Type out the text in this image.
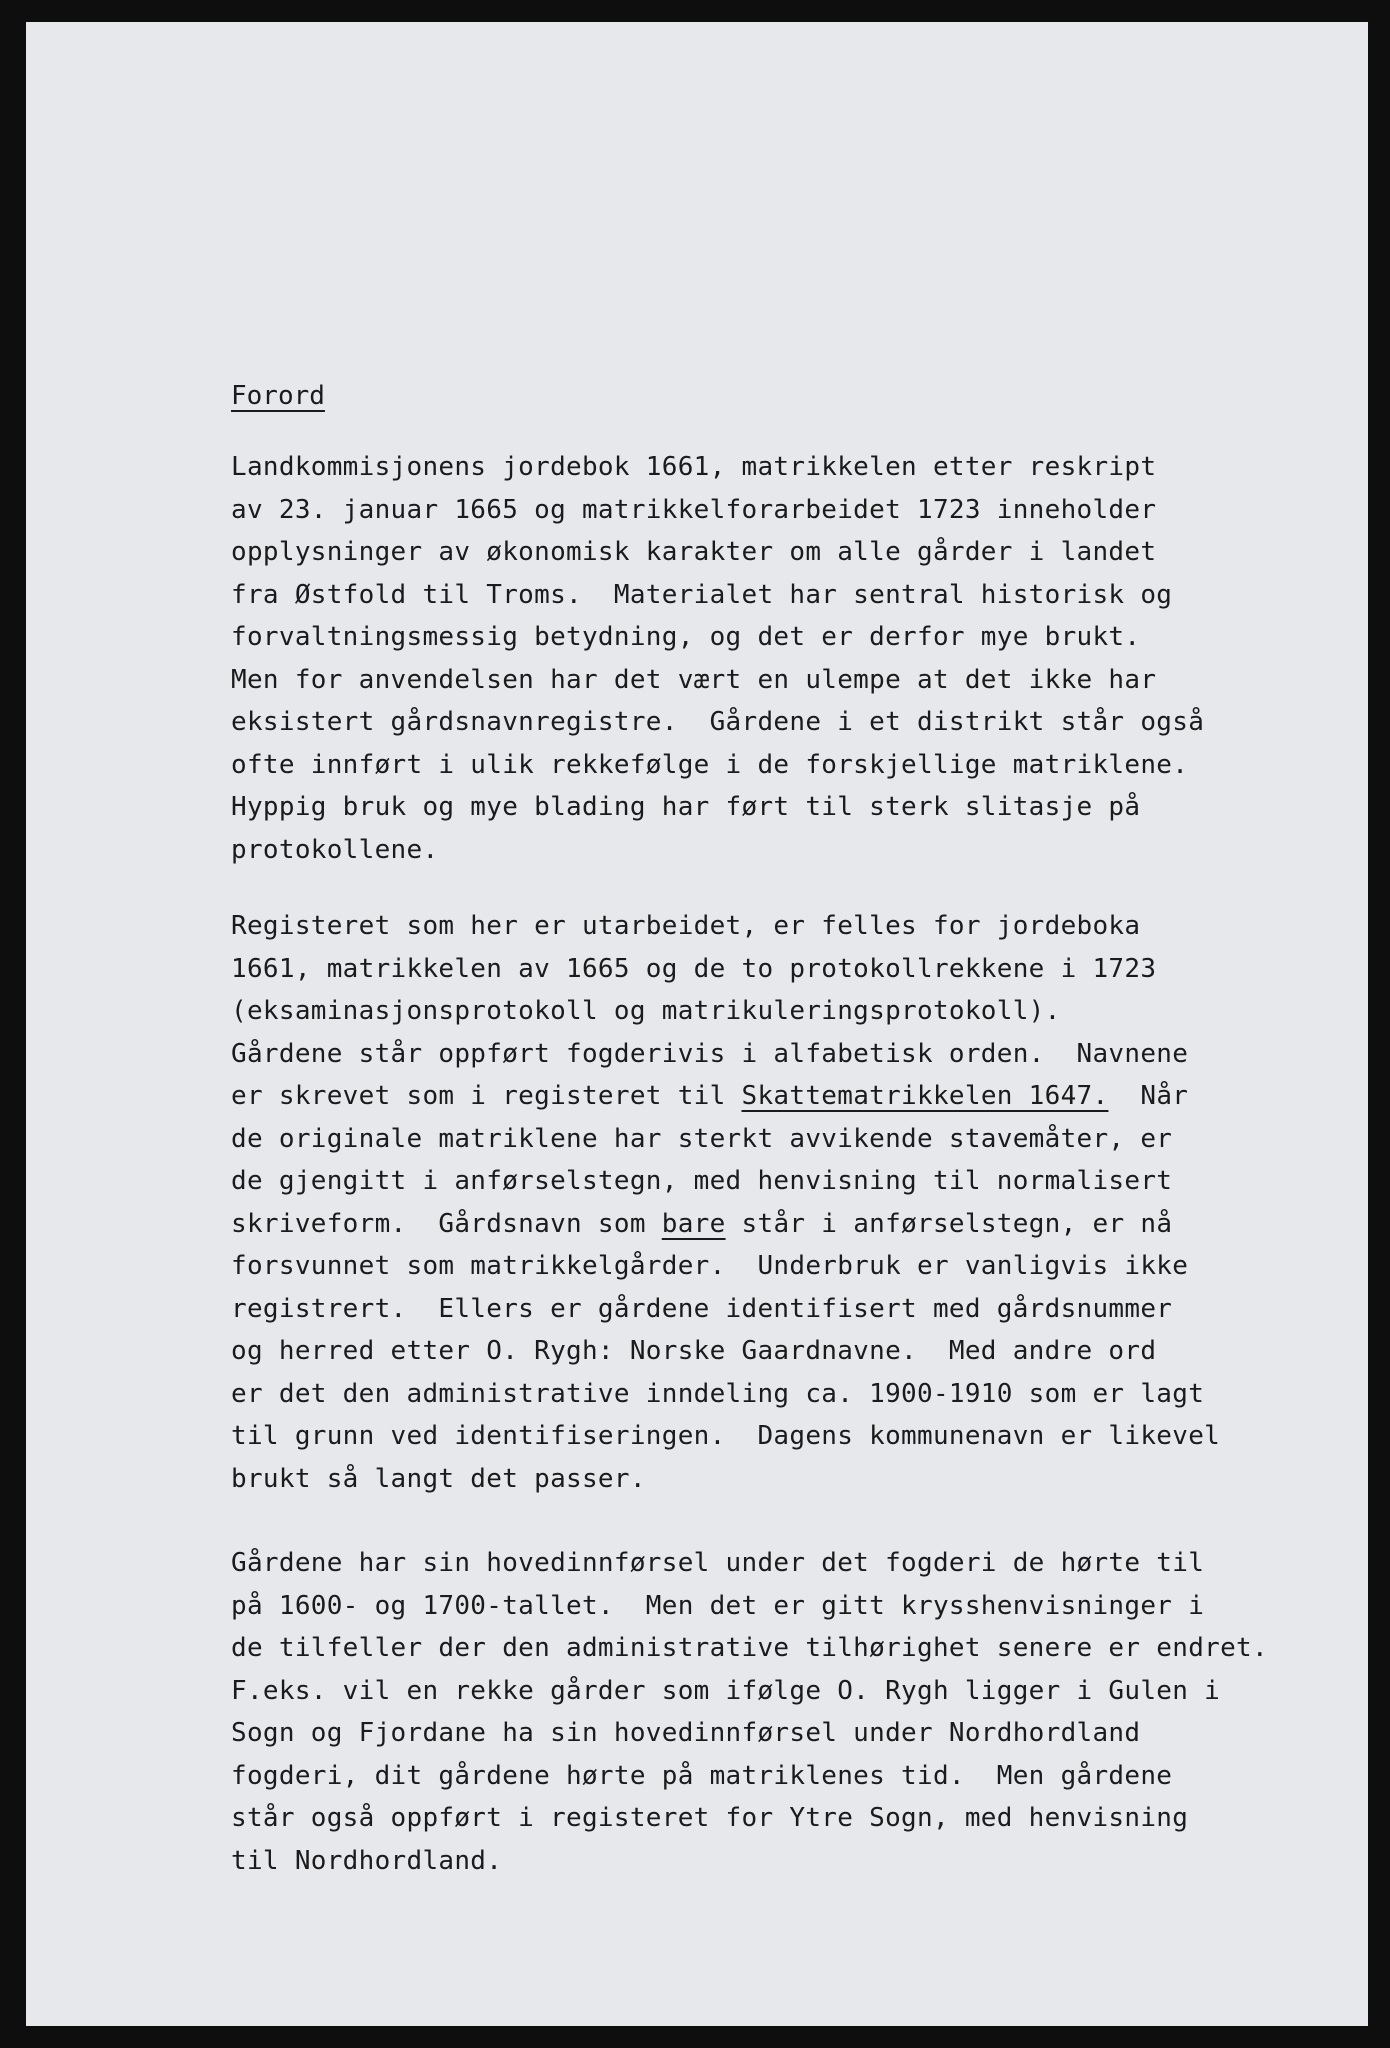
Forord
Landkommisjonens jordebok 1661, matrikkelen etter reskript
av 23. januar 1665 og matrikkelforarbeidet 1723 inneholder
opplysninger av økonomisk karakter om alle gårder i landet
fra Østfold til Troms.  Materialet har sentral historisk og
forvaltningsmessig betydning, og det er derfor mye brukt.
Men for anvendelsen har det vært en ulempe at det ikke har
eksistert gårdsnavnregistre.  Gårdene i et distrikt står også
ofte innført i ulik rekkefølge i de forskjellige matriklene.
Hyppig bruk og mye blading har ført til sterk slitasje på
protokollene.
Registeret som her er utarbeidet, er felles for jordeboka
1661, matrikkelen av 1665 og de to protokollrekkene i 1723
(eksaminasjonsprotokoll og matrikuleringsprotokoll).
Gårdene står oppført fogderivis i alfabetisk orden.  Navnene
er skrevet som i registeret til Skattematrikkelen 1647.  Når
de originale matriklene har sterkt avvikende stavemåter, er
de gjengitt i anførselstegn, med henvisning til normalisert
skriveform.  Gårdsnavn som bare står i anførselstegn, er nå
forsvunnet som matrikkelgårder.  Underbruk er vanligvis ikke
registrert.  Ellers er gårdene identifisert med gårdsnummer
og herred etter O. Rygh: Norske Gaardnavne.  Med andre ord
er det den administrative inndeling ca. 1900-1910 som er lagt
til grunn ved identifiseringen.  Dagens kommunenavn er likevel
brukt så langt det passer.
Gårdene har sin hovedinnførsel under det fogderi de hørte til
på 1600- og 1700-tallet.  Men det er gitt krysshenvisninger i
de tilfeller der den administrative tilhørighet senere er endret.
F.eks. vil en rekke gårder som ifølge O. Rygh ligger i Gulen i
Sogn og Fjordane ha sin hovedinnførsel under Nordhordland
fogderi, dit gårdene hørte på matriklenes tid.  Men gårdene
står også oppført i registeret for Ytre Sogn, med henvisning
til Nordhordland.
